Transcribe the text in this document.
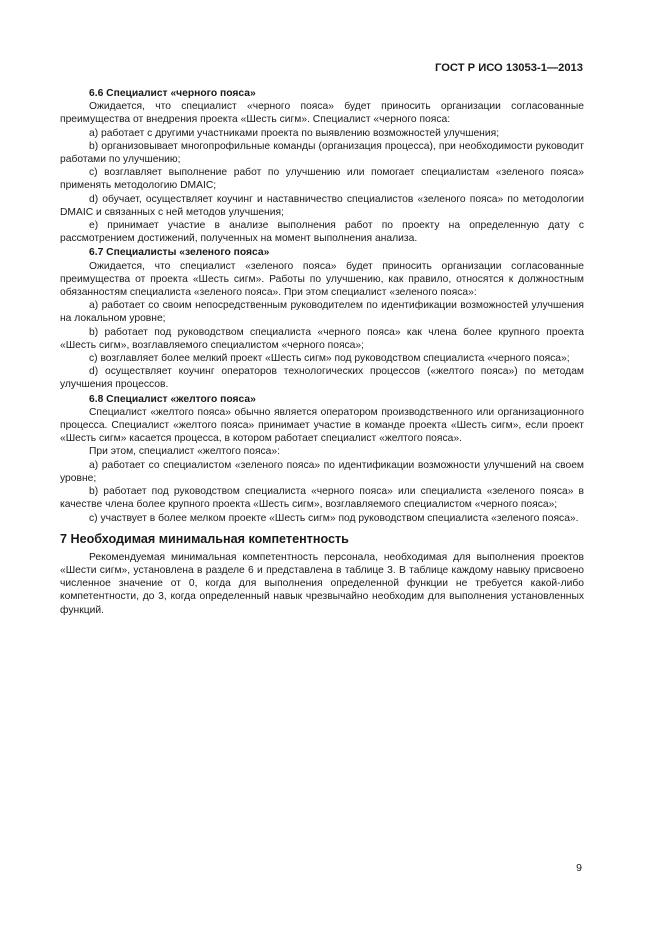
ГОСТ Р ИСО 13053-1—2013
6.6 Специалист «черного пояса»

Ожидается, что специалист «черного пояса» будет приносить организации согласованные преимущества от внедрения проекта «Шесть сигм». Специалист «черного пояса:

а) работает с другими участниками проекта по выявлению возможностей улучшения;

b) организовывает многопрофильные команды (организация процесса), при необходимости руководит работами по улучшению;

с) возглавляет выполнение работ по улучшению или помогает специалистам «зеленого пояса» применять методологию DMAIC;

d) обучает, осуществляет коучинг и наставничество специалистов «зеленого пояса» по методологии DMAIC и связанных с ней методов улучшения;

е) принимает участие в анализе выполнения работ по проекту на определенную дату с рассмотрением достижений, полученных на момент выполнения анализа.

6.7 Специалисты «зеленого пояса»

Ожидается, что специалист «зеленого пояса» будет приносить организации согласованные преимущества от проекта «Шесть сигм». Работы по улучшению, как правило, относятся к должностным обязанностям специалиста «зеленого пояса». При этом специалист «зеленого пояса»:

а) работает со своим непосредственным руководителем по идентификации возможностей улучшения на локальном уровне;

b) работает под руководством специалиста «черного пояса» как члена более крупного проекта «Шесть сигм», возглавляемого специалистом «черного пояса»;

с) возглавляет более мелкий проект «Шесть сигм» под руководством специалиста «черного пояса»;

d) осуществляет коучинг операторов технологических процессов («желтого пояса») по методам улучшения процессов.

6.8 Специалист «желтого пояса»

Специалист «желтого пояса» обычно является оператором производственного или организационного процесса. Специалист «желтого пояса» принимает участие в команде проекта «Шесть сигм», если проект «Шесть сигм» касается процесса, в котором работает специалист «желтого пояса».

При этом, специалист «желтого пояса»:

а) работает со специалистом «зеленого пояса» по идентификации возможности улучшений на своем уровне;

b) работает под руководством специалиста «черного пояса» или специалиста «зеленого пояса» в качестве члена более крупного проекта «Шесть сигм», возглавляемого специалистом «черного пояса»;

с) участвует в более мелком проекте «Шесть сигм» под руководством специалиста «зеленого пояса».

7 Необходимая минимальная компетентность

Рекомендуемая минимальная компетентность персонала, необходимая для выполнения проектов «Шести сигм», установлена в разделе 6 и представлена в таблице 3. В таблице каждому навыку присвоено численное значение от 0, когда для выполнения определенной функции не требуется какой-либо компетентности, до 3, когда определенный навык чрезвычайно необходим для выполнения установленных функций.

9
